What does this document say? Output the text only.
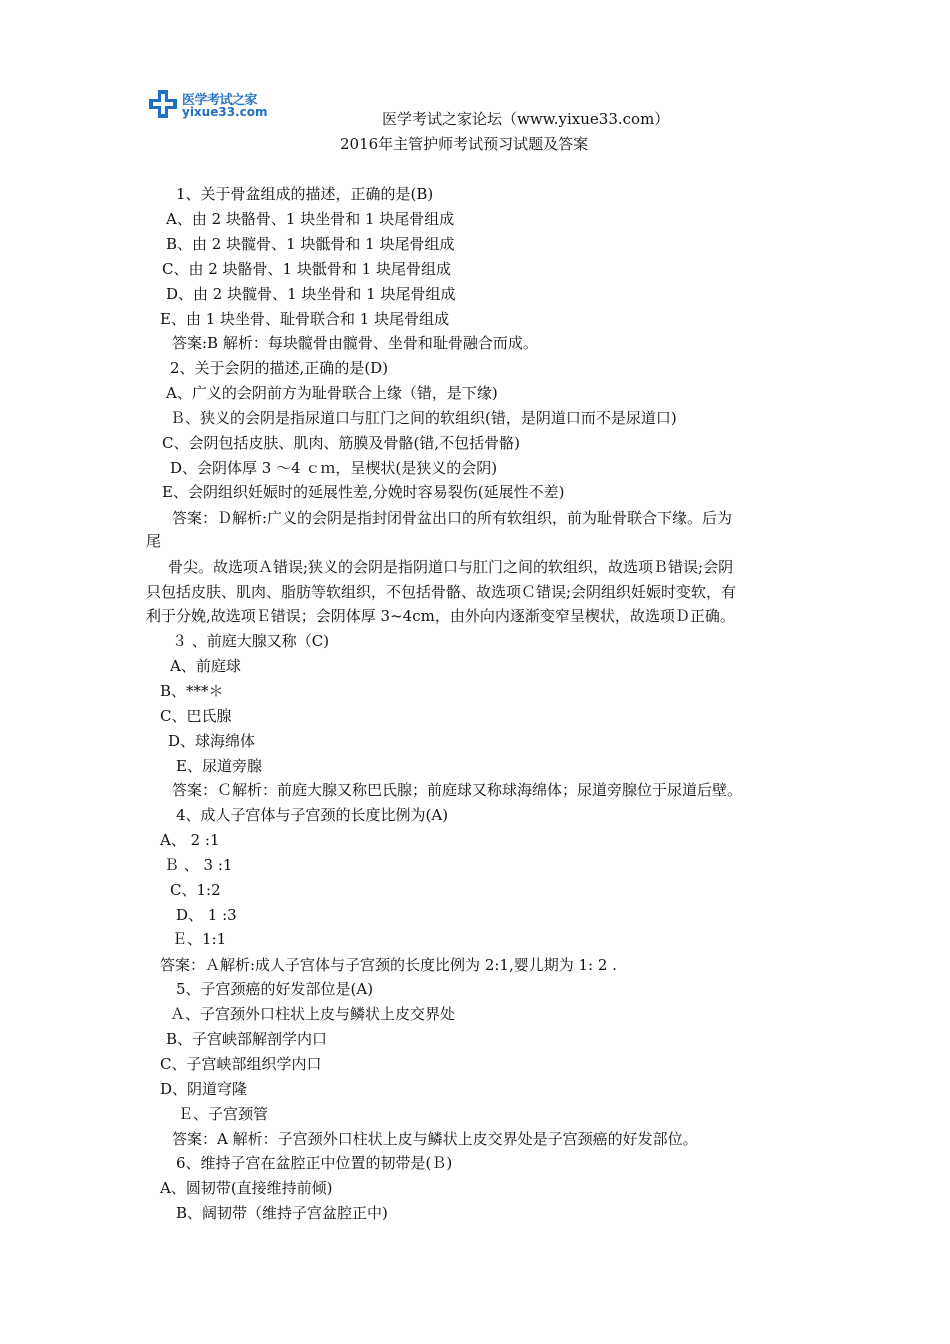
医学考试之家
yixue33.com	医学考试之家论坛（www.yixue33.com）
2016年主管护师考试预习试题及答案
1、关于骨盆组成的描述，正确的是(B)
A、由 2 块骼骨、1 块坐骨和 1 块尾骨组成
B、由 2 块髋骨、1 块骶骨和 1 块尾骨组成
C、由 2 块骼骨、1 块骶骨和 1 块尾骨组成
D、由 2 块髋骨、1 块坐骨和 1 块尾骨组成
E、由 1 块坐骨、耻骨联合和 1 块尾骨组成
答案:B 解析：每块髋骨由髋骨、坐骨和耻骨融合而成。
2、关于会阴的描述,正确的是(D)
A、广义的会阴前方为耻骨联合上缘（错，是下缘)
Ｂ、狭义的会阴是指尿道口与肛门之间的软组织(错，是阴道口而不是尿道口)
C、会阴包括皮肤、肌肉、筋膜及骨骼(错,不包括骨骼)
D、会阴体厚 3 ～4 ｃｍ，呈楔状(是狭义的会阴)
E、会阴组织妊娠时的延展性差,分娩时容易裂伤(延展性不差)
答案：Ｄ解析:广义的会阴是指封闭骨盆出口的所有软组织，前为耻骨联合下缘。后为
尾
骨尖。故选项Ａ错误;狭义的会阴是指阴道口与肛门之间的软组织，故选项Ｂ错误;会阴
只包括皮肤、肌肉、脂肪等软组织，不包括骨骼、故选项Ｃ错误;会阴组织妊娠时变软，有
利于分娩,故选项Ｅ错误；会阴体厚 3~4cm，由外向内逐渐变窄呈楔状，故选项Ｄ正确。
３ 、前庭大腺又称（C)
A、前庭球
B、***＊
C、巴氏腺
D、球海绵体
E、尿道旁腺
答案：Ｃ解析：前庭大腺又称巴氏腺；前庭球又称球海绵体；尿道旁腺位于尿道后壁。
4、成人子宫体与子宫颈的长度比例为(A)
A、 2 :1
Ｂ 、 3 :1
C、1:2
D、 1 :3
Ｅ、1:1
答案：Ａ解析:成人子宫体与子宫颈的长度比例为 2:1,婴儿期为 1: 2 .
5、子宫颈癌的好发部位是(A)
Ａ、子宫颈外口柱状上皮与鳞状上皮交界处
B、子宫峡部解剖学内口
C、子宫峡部组织学内口
D、阴道穹隆
Ｅ、子宫颈管
答案：A 解析：子宫颈外口柱状上皮与鳞状上皮交界处是子宫颈癌的好发部位。
6、维持子宫在盆腔正中位置的韧带是(Ｂ)
A、圆韧带(直接维持前倾)
B、阔韧带（维持子宫盆腔正中)
